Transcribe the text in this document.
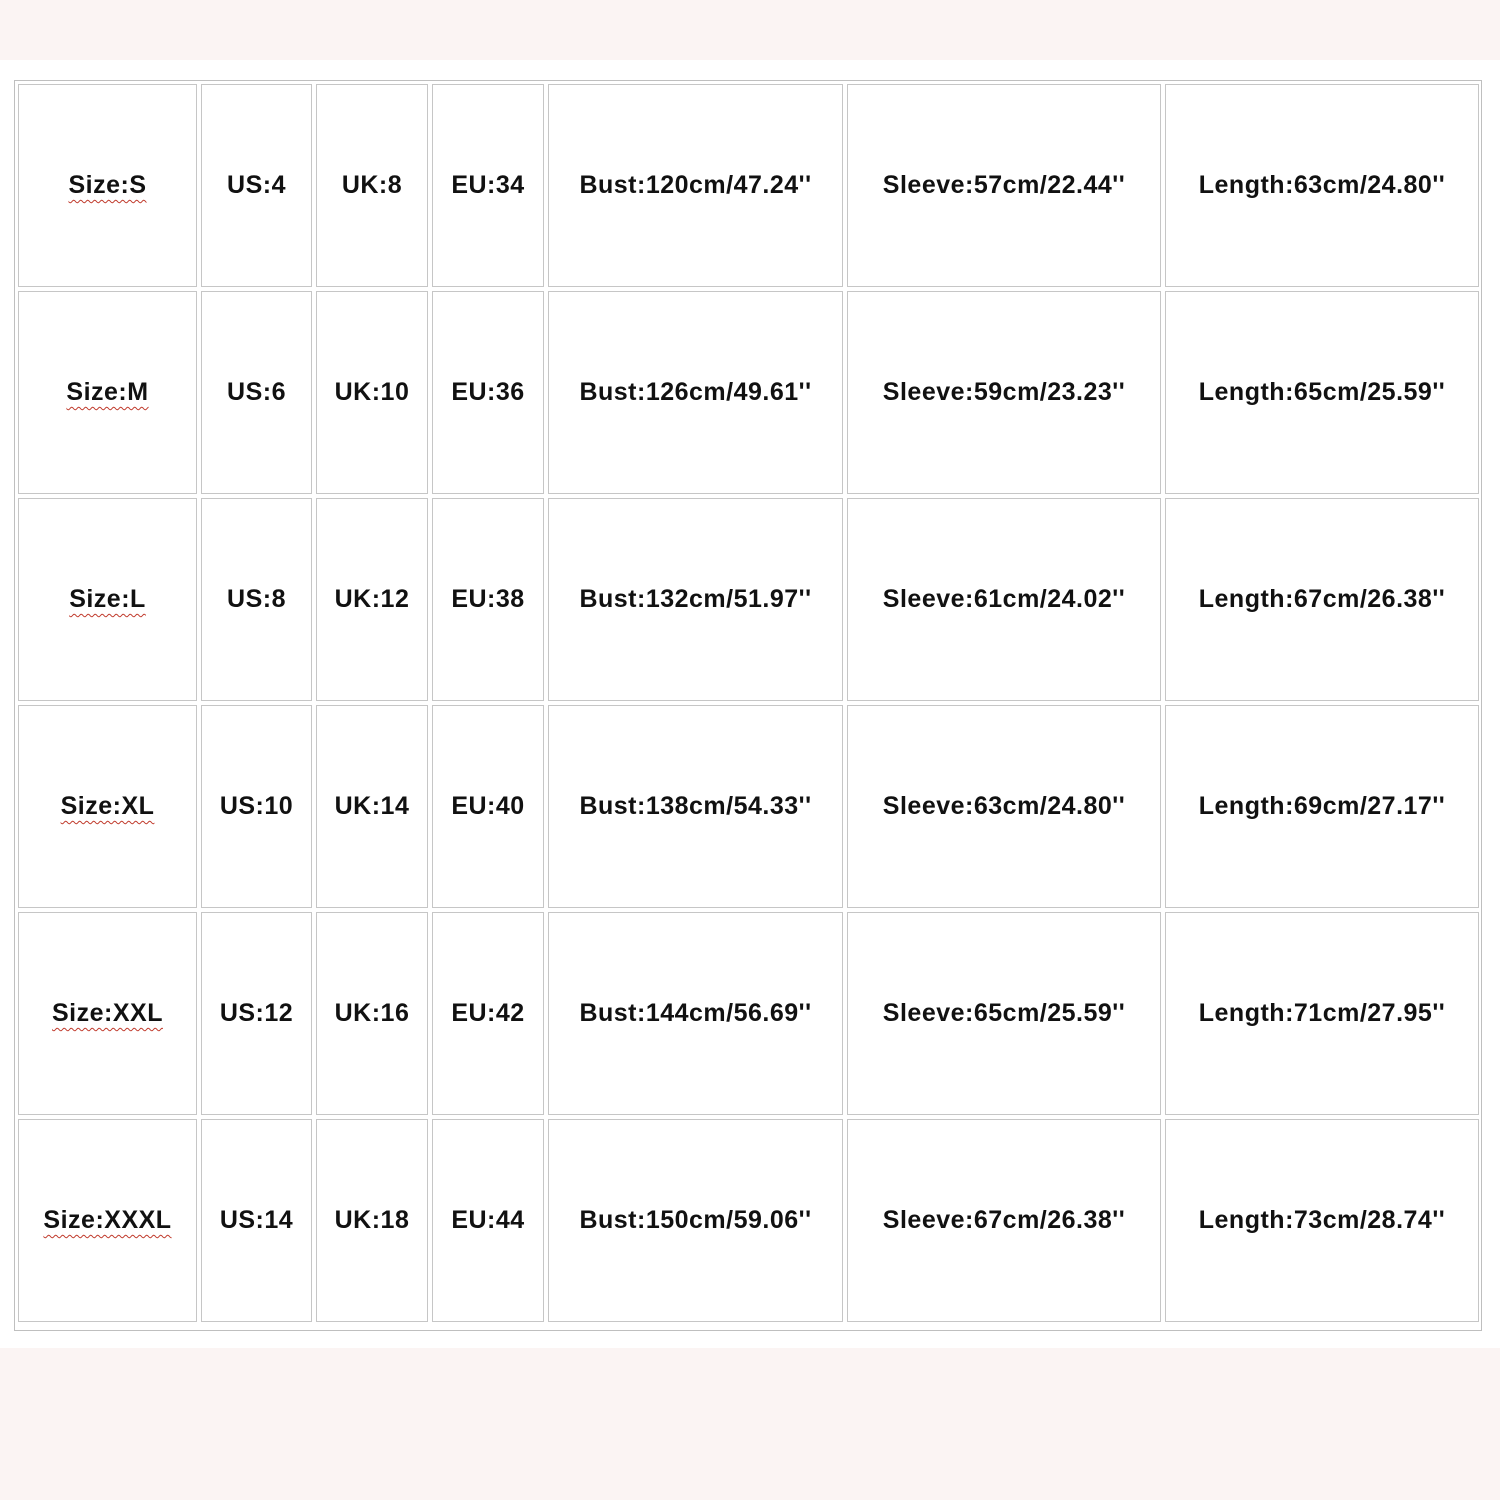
Size:S	US:4	UK:8	EU:34	Bust:120cm/47.24''	Sleeve:57cm/22.44''	Length:63cm/24.80''
Size:M	US:6	UK:10	EU:36	Bust:126cm/49.61''	Sleeve:59cm/23.23''	Length:65cm/25.59''
Size:L	US:8	UK:12	EU:38	Bust:132cm/51.97''	Sleeve:61cm/24.02''	Length:67cm/26.38''
Size:XL	US:10	UK:14	EU:40	Bust:138cm/54.33''	Sleeve:63cm/24.80''	Length:69cm/27.17''
Size:XXL	US:12	UK:16	EU:42	Bust:144cm/56.69''	Sleeve:65cm/25.59''	Length:71cm/27.95''
Size:XXXL	US:14	UK:18	EU:44	Bust:150cm/59.06''	Sleeve:67cm/26.38''	Length:73cm/28.74''
